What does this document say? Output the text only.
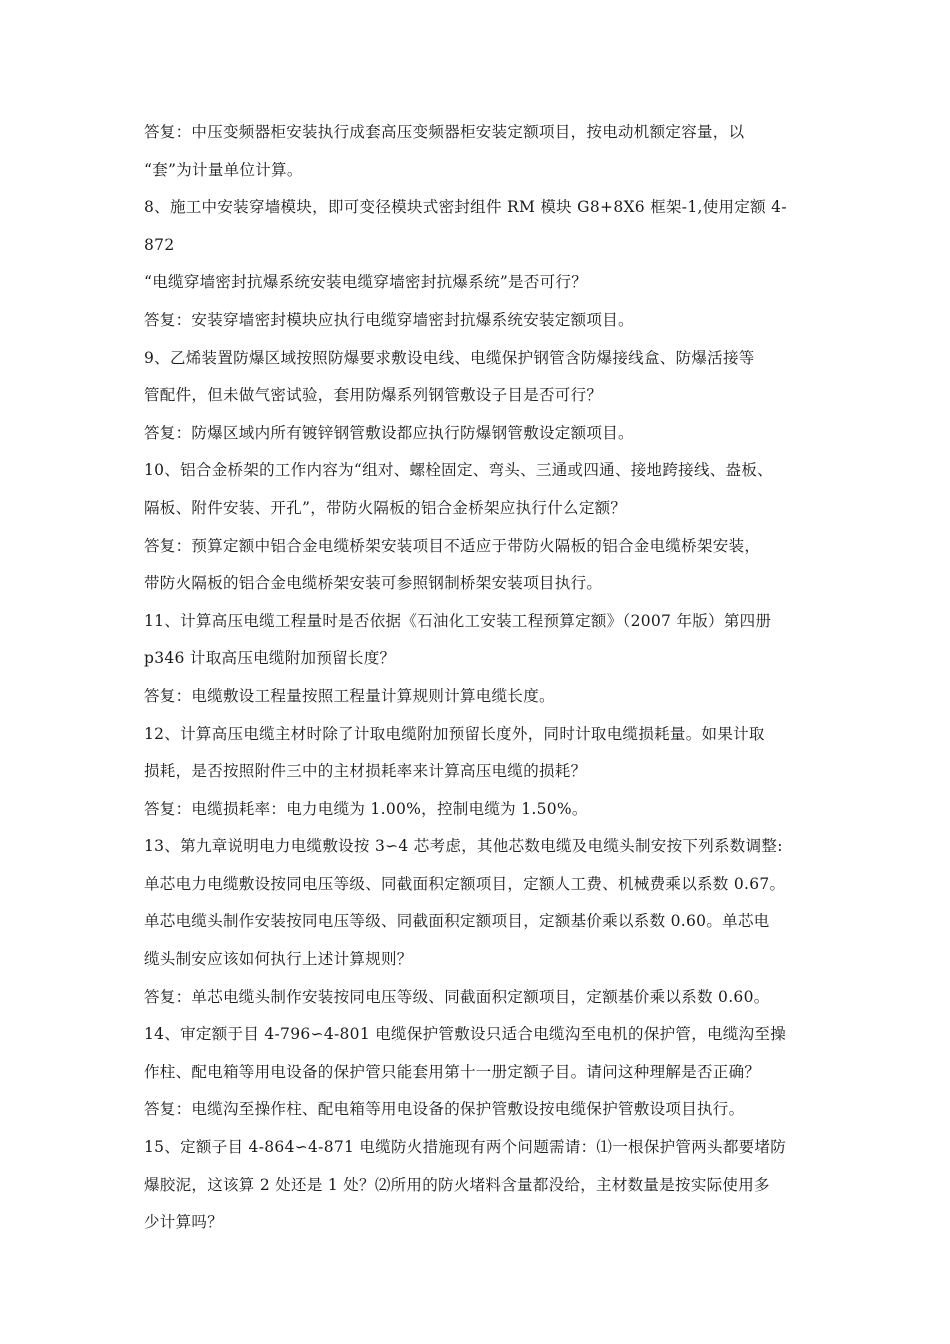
答复：中压变频器柜安装执行成套高压变频器柜安装定额项目，按电动机额定容量，以
“套”为计量单位计算。
8、施工中安装穿墙模块，即可变径模块式密封组件 RM 模块 G8+8X6 框架-1,使用定额 4-
872
“电缆穿墙密封抗爆系统安装电缆穿墙密封抗爆系统”是否可行？
答复：安装穿墙密封模块应执行电缆穿墙密封抗爆系统安装定额项目。
9、乙烯装置防爆区域按照防爆要求敷设电线、电缆保护钢管含防爆接线盒、防爆活接等
管配件，但未做气密试验，套用防爆系列钢管敷设子目是否可行？
答复：防爆区域内所有镀锌钢管敷设都应执行防爆钢管敷设定额项目。
10、铝合金桥架的工作内容为“组对、螺栓固定、弯头、三通或四通、接地跨接线、盎板、
隔板、附件安装、开孔”，带防火隔板的铝合金桥架应执行什么定额？
答复：预算定额中铝合金电缆桥架安装项目不适应于带防火隔板的铝合金电缆桥架安装，
带防火隔板的铝合金电缆桥架安装可参照钢制桥架安装项目执行。
11、计算高压电缆工程量时是否依据《石油化工安装工程预算定额》（2007 年版）第四册
p346 计取高压电缆附加预留长度？
答复：电缆敷设工程量按照工程量计算规则计算电缆长度。
12、计算高压电缆主材时除了计取电缆附加预留长度外，同时计取电缆损耗量。如果计取
损耗，是否按照附件三中的主材损耗率来计算高压电缆的损耗？
答复：电缆损耗率：电力电缆为 1.00%，控制电缆为 1.50%。
13、第九章说明电力电缆敷设按 3∽4 芯考虑，其他芯数电缆及电缆头制安按下列系数调整:
单芯电力电缆敷设按同电压等级、同截面积定额项目，定额人工费、机械费乘以系数 0.67。
单芯电缆头制作安装按同电压等级、同截面积定额项目，定额基价乘以系数 0.60。单芯电
缆头制安应该如何执行上述计算规则？
答复：单芯电缆头制作安装按同电压等级、同截面积定额项目，定额基价乘以系数 0.60。
14、审定额于目 4-796∽4-801 电缆保护管敷设只适合电缆沟至电机的保护管，电缆沟至操
作柱、配电箱等用电设备的保护管只能套用第十一册定额子目。请问这种理解是否正确？
答复：电缆沟至操作柱、配电箱等用电设备的保护管敷设按电缆保护管敷设项目执行。
15、定额子目 4-864∽4-871 电缆防火措施现有两个问题需请：⑴一根保护管两头都要堵防
爆胶泥，这该算 2 处还是 1 处？⑵所用的防火堵料含量都没给，主材数量是按实际使用多
少计算吗？
